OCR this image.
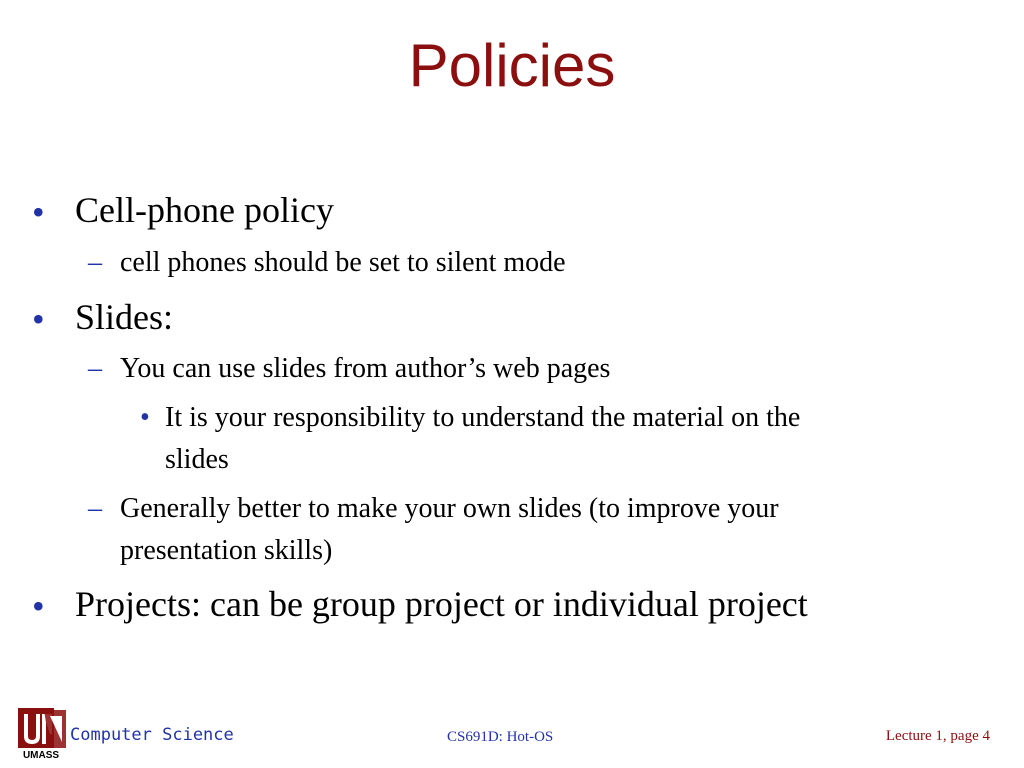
Policies
• Cell-phone policy
– cell phones should be set to silent mode
• Slides:
– You can use slides from author’s web pages
• It is your responsibility to understand the material on the
slides
– Generally better to make your own slides (to improve your
presentation skills)
• Projects: can be group project or individual project
UMASS
Computer Science	CS691D: Hot-OS	Lecture 1, page 4
